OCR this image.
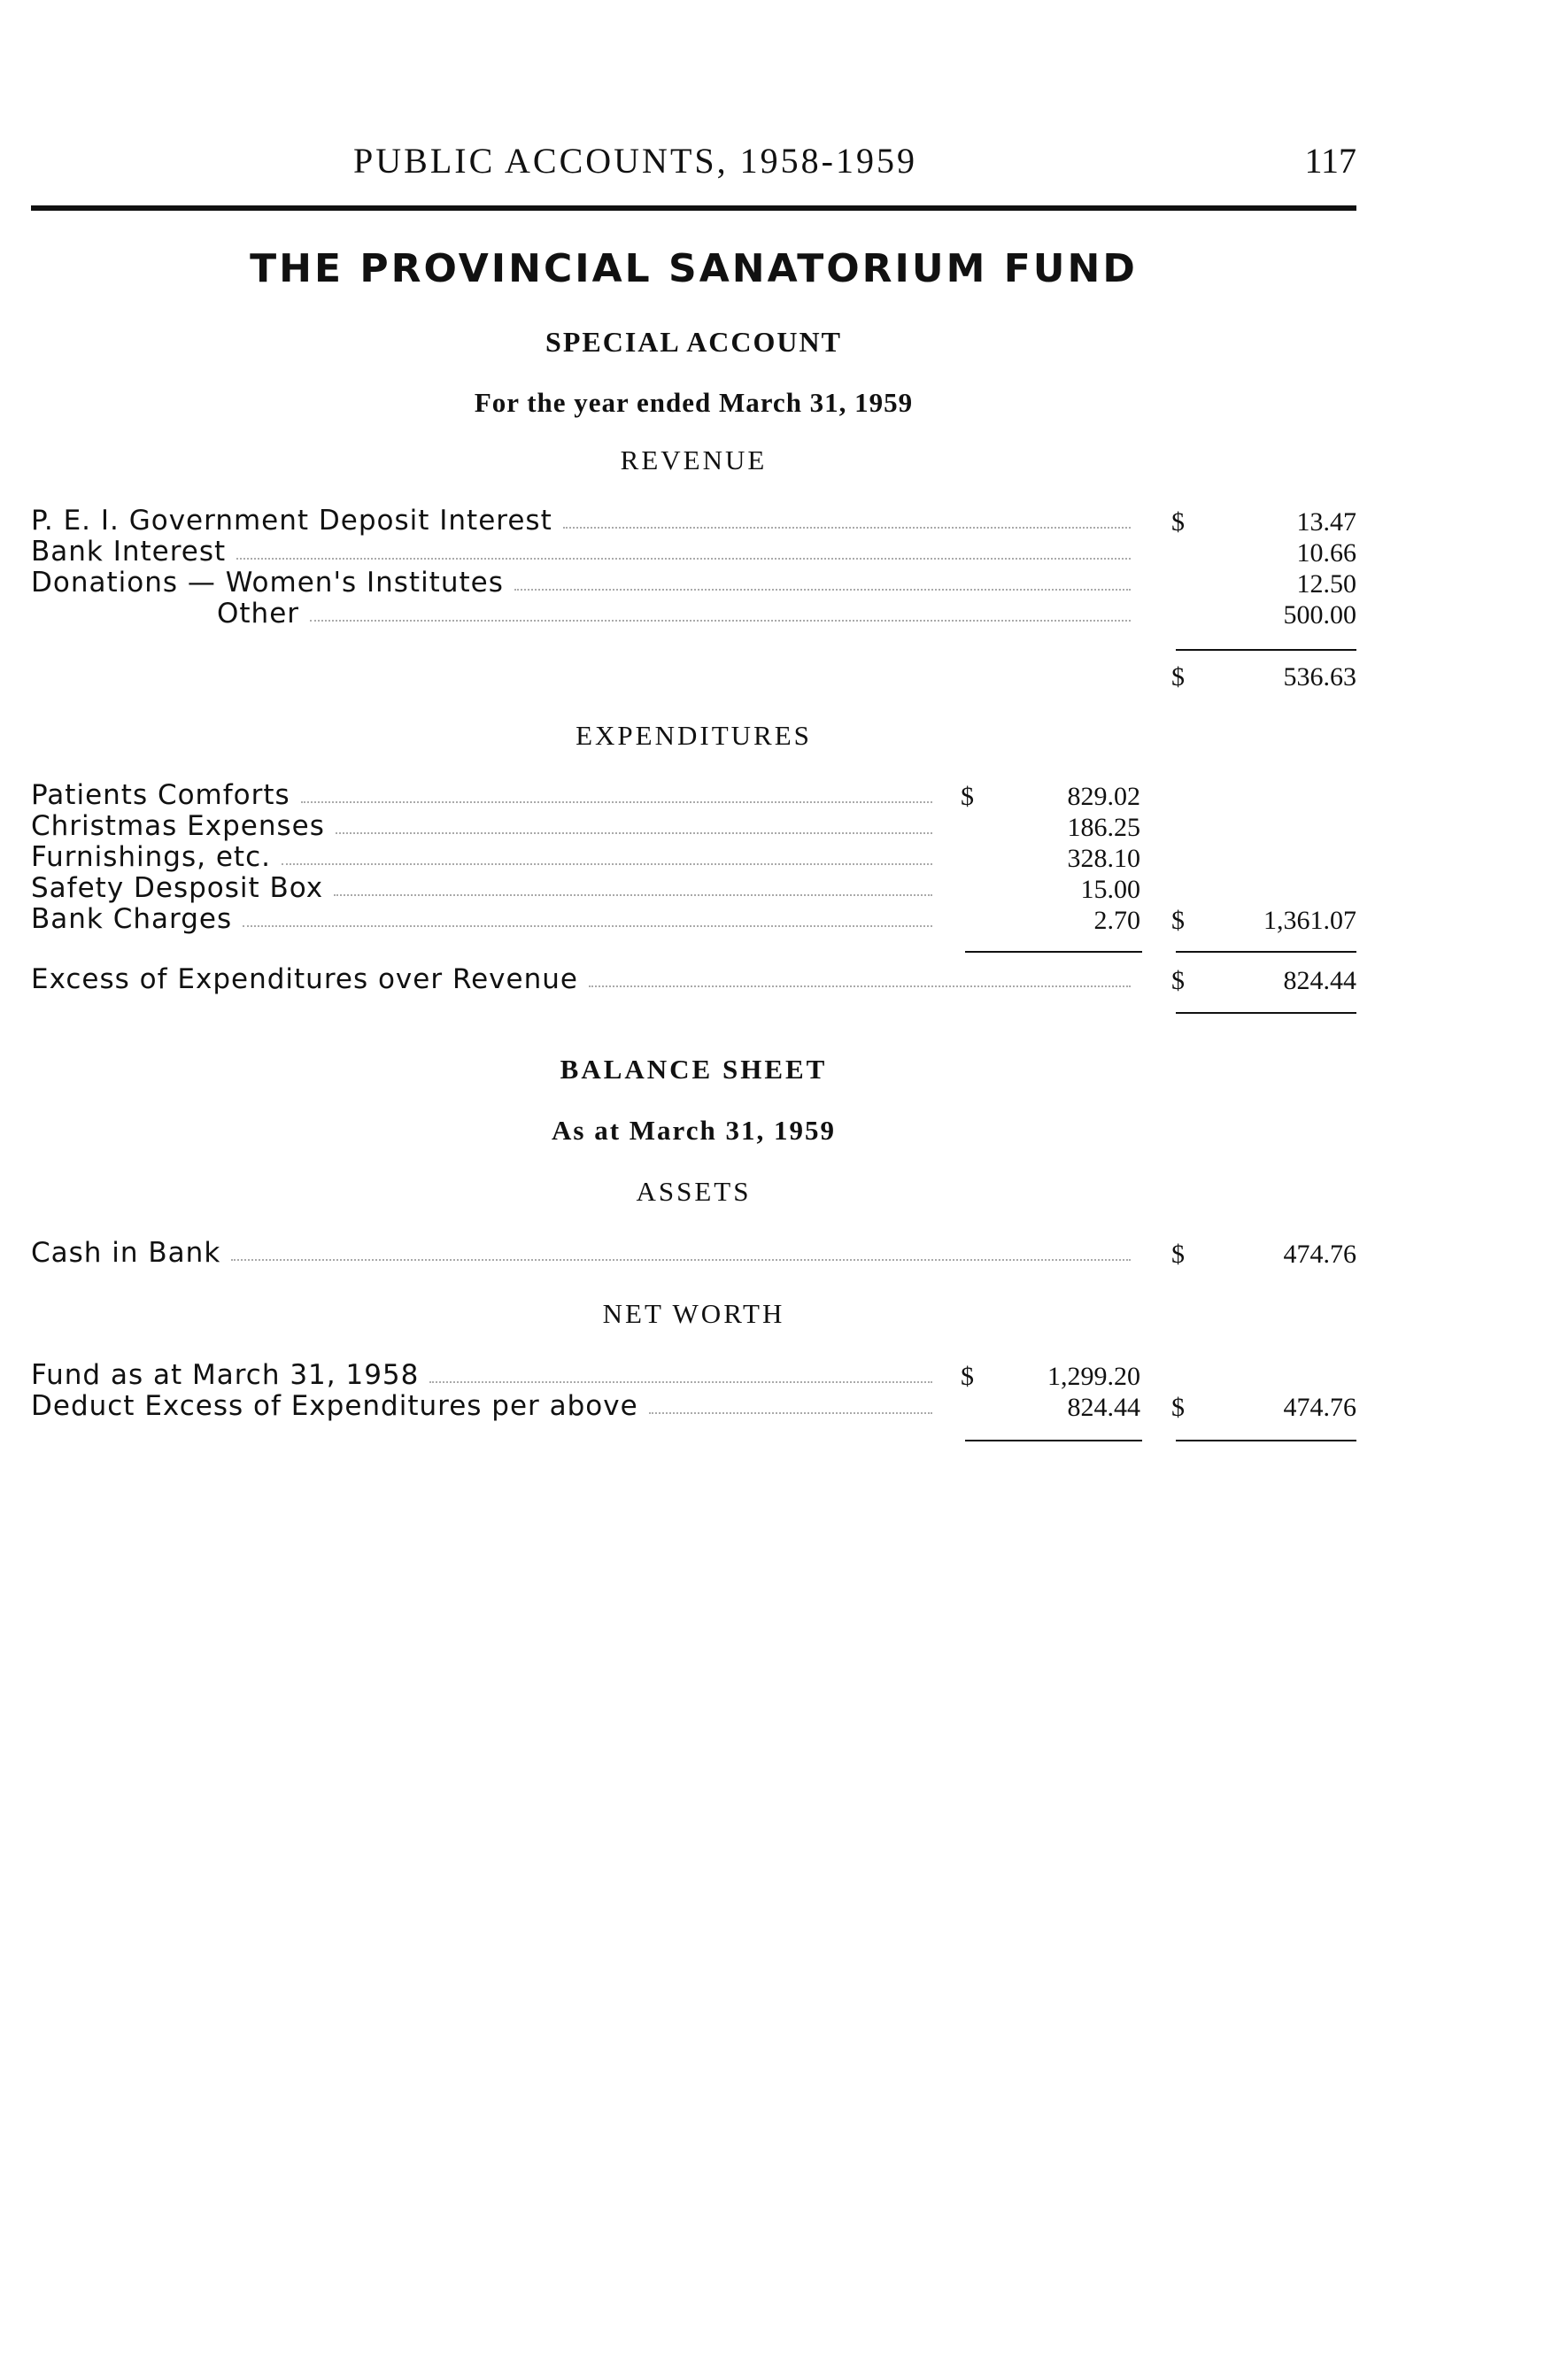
PUBLIC ACCOUNTS, 1958-1959	117
THE PROVINCIAL SANATORIUM FUND
SPECIAL ACCOUNT
For the year ended March 31, 1959
REVENUE
P. E. I. Government Deposit Interest	$	13.47
Bank Interest	10.66
Donations — Women's Institutes	12.50
Other	500.00
$	536.63
EXPENDITURES
Patients Comforts	$	829.02
Christmas Expenses	186.25
Furnishings, etc.	328.10
Safety Desposit Box	15.00
Bank Charges	2.70 $	1,361.07
Excess of Expenditures over Revenue	$	824.44
BALANCE SHEET
As at March 31, 1959
ASSETS
Cash in Bank	$	474.76
NET WORTH
Fund as at March 31, 1958	$	1,299.20
Deduct Excess of Expenditures per above	824.44 $	474.76
